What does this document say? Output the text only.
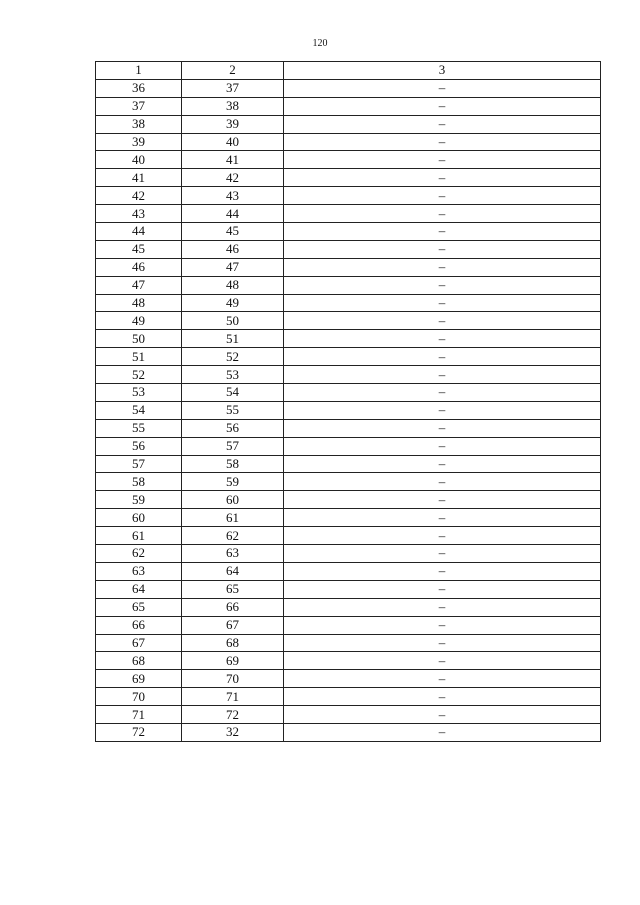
120
1	2	3
36	37	–
37	38	–
38	39	–
39	40	–
40	41	–
41	42	–
42	43	–
43	44	–
44	45	–
45	46	–
46	47	–
47	48	–
48	49	–
49	50	–
50	51	–
51	52	–
52	53	–
53	54	–
54	55	–
55	56	–
56	57	–
57	58	–
58	59	–
59	60	–
60	61	–
61	62	–
62	63	–
63	64	–
64	65	–
65	66	–
66	67	–
67	68	–
68	69	–
69	70	–
70	71	–
71	72	–
72	32	–
